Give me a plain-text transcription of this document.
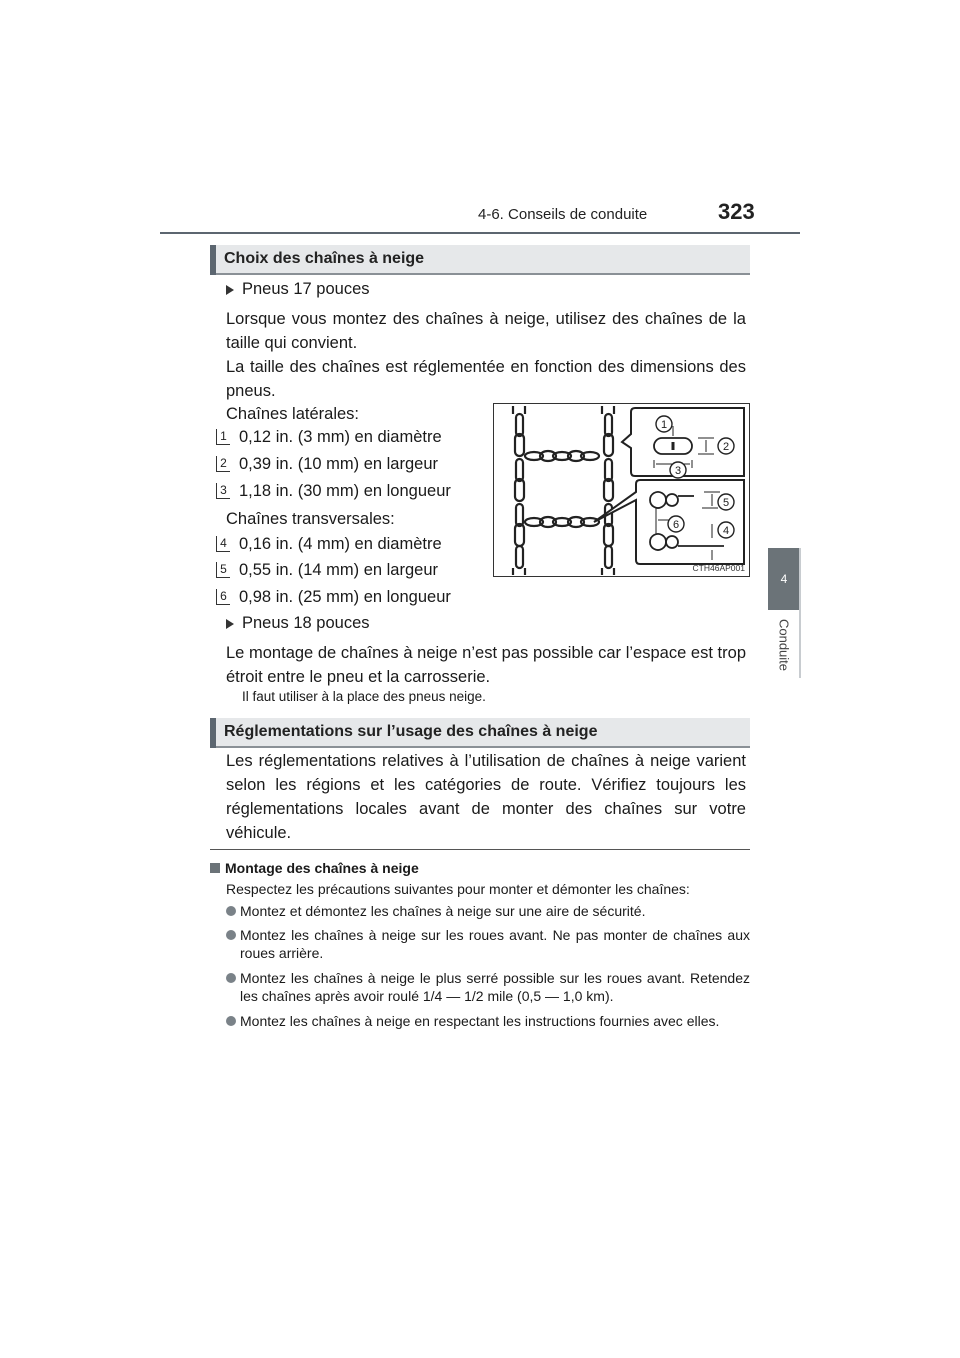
4-6. Conseils de conduite	323
4
Conduite
Choix des chaînes à neige
Pneus 17 pouces
Lorsque vous montez des chaînes à neige, utilisez des chaînes de la taille qui convient.
La taille des chaînes est réglementée en fonction des dimensions des pneus.
Chaînes latérales:
1 0,12 in. (3 mm) en diamètre
2 0,39 in. (10 mm) en largeur
3 1,18 in. (30 mm) en longueur
Chaînes transversales:
4 0,16 in. (4 mm) en diamètre
5 0,55 in. (14 mm) en largeur
6 0,98 in. (25 mm) en longueur
1
2
3
4
5
6
CTH46AP001
Pneus 18 pouces
Le montage de chaînes à neige n’est pas possible car l’espace est trop étroit entre le pneu et la carrosserie.
Il faut utiliser à la place des pneus neige.
Réglementations sur l’usage des chaînes à neige
Les réglementations relatives à l’utilisation de chaînes à neige varient selon les régions et les catégories de route. Vérifiez toujours les réglementations locales avant de monter des chaînes sur votre véhicule.
Montage des chaînes à neige
Respectez les précautions suivantes pour monter et démonter les chaînes:
Montez et démontez les chaînes à neige sur une aire de sécurité.
Montez les chaînes à neige sur les roues avant. Ne pas monter de chaînes aux roues arrière.
Montez les chaînes à neige le plus serré possible sur les roues avant. Retendez les chaînes après avoir roulé 1/4 — 1/2 mile (0,5 — 1,0 km).
Montez les chaînes à neige en respectant les instructions fournies avec elles.
